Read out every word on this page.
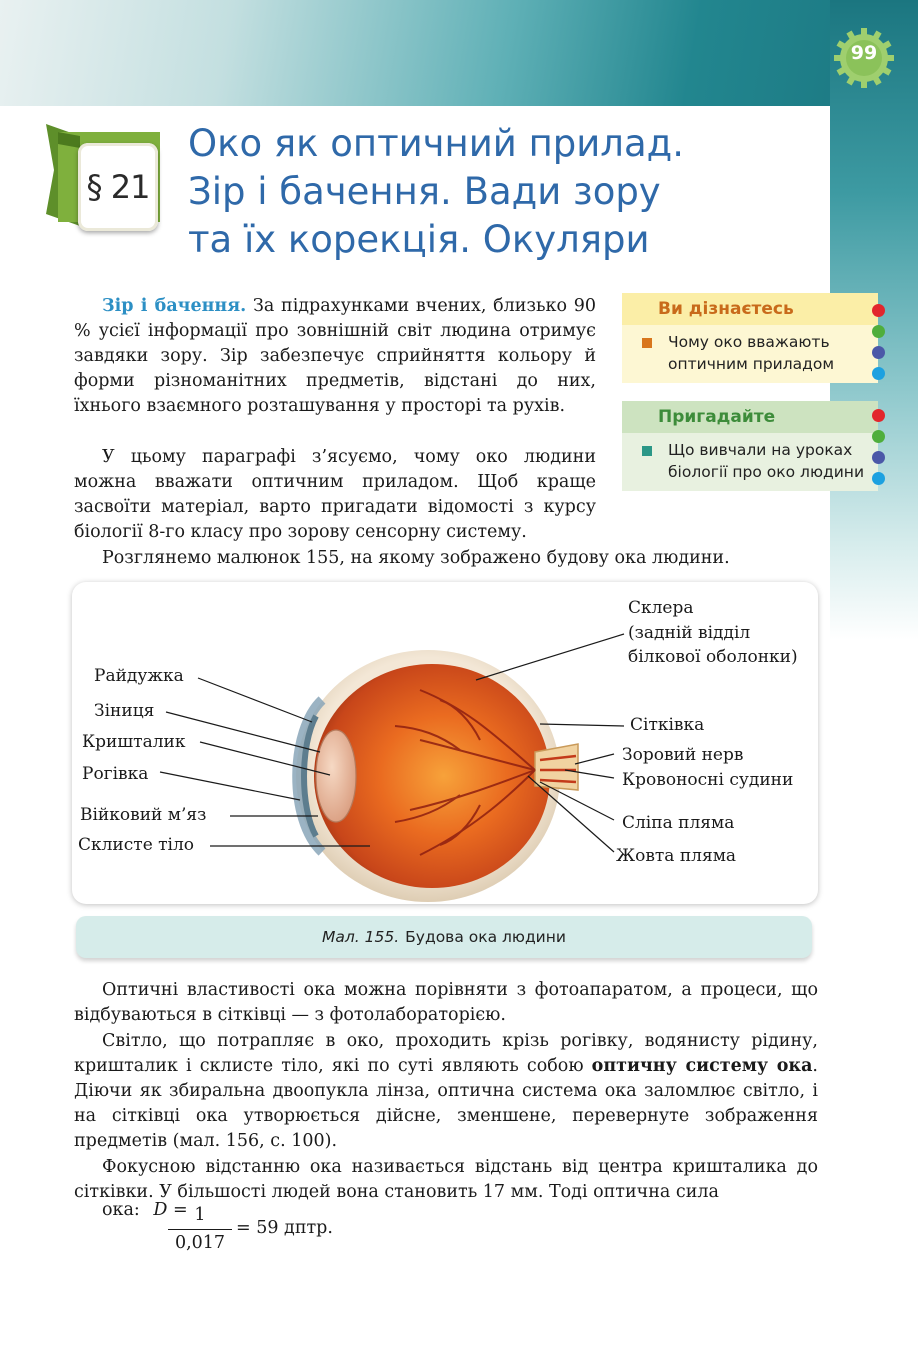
99
§ 21
Око як оптичний прилад.
Зір і бачення. Вади зору
та їх корекція. Окуляри
Зір і бачення. За підрахунками вчених, близько 90 % усієї інформації про зовнішній світ людина отримує завдяки зору. Зір забезпечує сприйняття кольору й форми різноманітних предметів, відстані до них, їхнього взаємного розташування у просторі та рухів.
У цьому параграфі з’ясуємо, чому око людини можна вважати оптичним приладом. Щоб краще засвоїти матеріал, варто пригадати відомості з курсу біології 8-го класу про зорову сенсорну систему.
Розглянемо малюнок 155, на якому зображено будову ока людини.
Ви дізнаєтесь
Чому око вважають оптичним приладом
Пригадайте
Що вивчали на уроках біології про око людини
Склера
(задній відділ
білкової оболонки)
Райдужка
Зіниця
Кришталик
Рогівка
Війковий м’яз
Склисте тіло
Сітківка
Зоровий нерв
Кровоносні судини
Сліпа пляма
Жовта пляма
Мал. 155. Будова ока людини
Оптичні властивості ока можна порівняти з фотоапаратом, а процеси, що відбуваються в сітківці — з фотолабораторією.
Світло, що потрапляє в око, проходить крізь рогівку, водянисту рідину, кришталик і склисте тіло, які по суті являють собою оптичну систему ока. Діючи як збиральна двоопукла лінза, оптична система ока заломлює світло, і на сітківці ока утворюється дійсне, зменшене, перевернуте зображення предметів (мал. 156, с. 100).
Фокусною відстанню ока називається відстань від центра кришталика до сітківки. У більшості людей вона становить 17 мм. Тоді оптична сила
ока: D =
$\frac{1}{0,017} = 59$ дптр.
